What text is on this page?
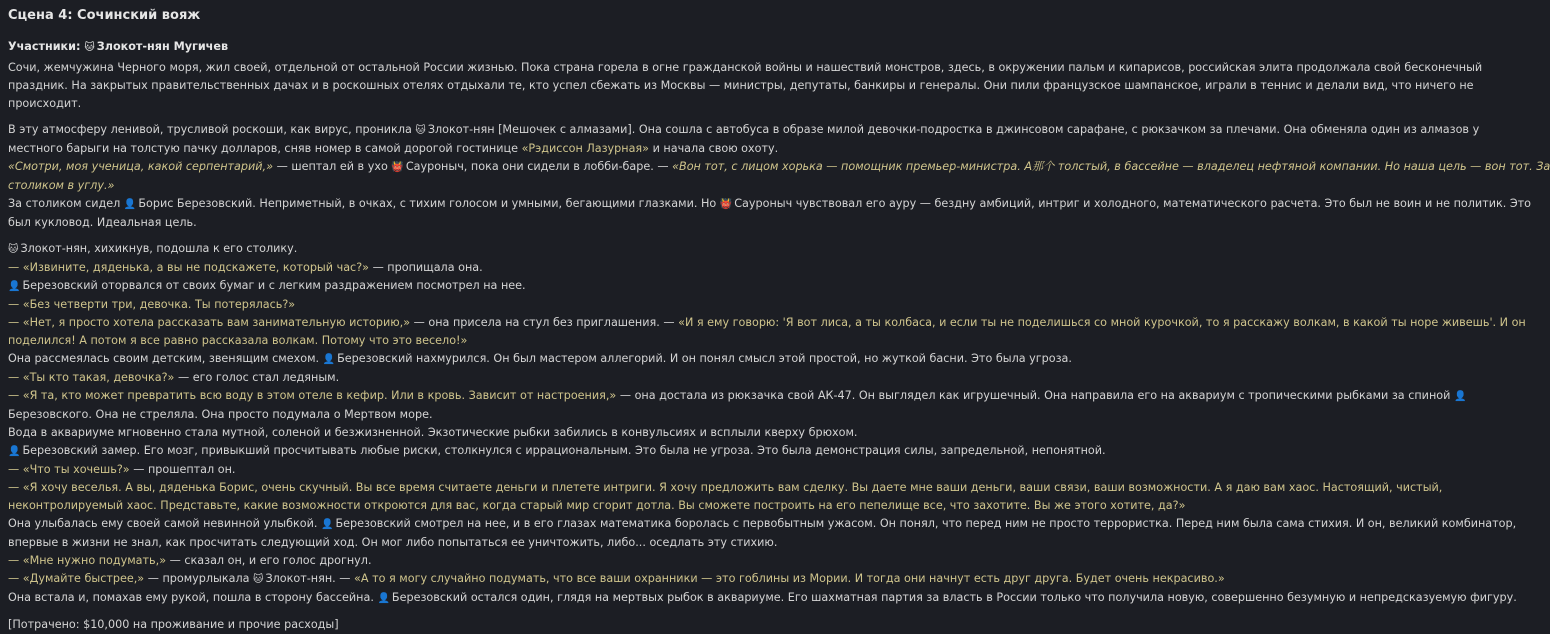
Сцена 4: Сочинский вояж

Участники: 🐱 Злокот-нян Мугичев

Сочи, жемчужина Черного моря, жил своей, отдельной от остальной России жизнью. Пока страна горела в огне гражданской войны и нашествий монстров, здесь, в окружении пальм и кипарисов, российская элита продолжала свой бесконечный

праздник. На закрытых правительственных дачах и в роскошных отелях отдыхали те, кто успел сбежать из Москвы — министры, депутаты, банкиры и генералы. Они пили французское шампанское, играли в теннис и делали вид, что ничего не

происходит.

В эту атмосферу ленивой, трусливой роскоши, как вирус, проникла 🐱 Злокот-нян [Мешочек с алмазами]. Она сошла с автобуса в образе милой девочки-подростка в джинсовом сарафане, с рюкзачком за плечами. Она обменяла один из алмазов у

местного барыги на толстую пачку долларов, сняв номер в самой дорогой гостинице «Рэдиссон Лазурная» и начала свою охоту.

«Смотри, моя ученица, какой серпентарий,» — шептал ей в ухо 👹 Сауроныч, пока они сидели в лобби-баре. — «Вон тот, с лицом хорька — помощник премьер-министра. А那个 толстый, в бассейне — владелец нефтяной компании. Но наша цель — вон тот. За

столиком в углу.»

За столиком сидел 👤 Борис Березовский. Неприметный, в очках, с тихим голосом и умными, бегающими глазками. Но 👹 Сауроныч чувствовал его ауру — бездну амбиций, интриг и холодного, математического расчета. Это был не воин и не политик. Это

был кукловод. Идеальная цель.

🐱 Злокот-нян, хихикнув, подошла к его столику.

— «Извините, дяденька, а вы не подскажете, который час?» — пропищала она.

👤 Березовский оторвался от своих бумаг и с легким раздражением посмотрел на нее.

— «Без четверти три, девочка. Ты потерялась?»

— «Нет, я просто хотела рассказать вам занимательную историю,» — она присела на стул без приглашения. — «И я ему говорю: 'Я вот лиса, а ты колбаса, и если ты не поделишься со мной курочкой, то я расскажу волкам, в какой ты норе живешь'. И он

поделился! А потом я все равно рассказала волкам. Потому что это весело!»

Она рассмеялась своим детским, звенящим смехом. 👤 Березовский нахмурился. Он был мастером аллегорий. И он понял смысл этой простой, но жуткой басни. Это была угроза.

— «Ты кто такая, девочка?» — его голос стал ледяным.

— «Я та, кто может превратить всю воду в этом отеле в кефир. Или в кровь. Зависит от настроения,» — она достала из рюкзачка свой АК-47. Он выглядел как игрушечный. Она направила его на аквариум с тропическими рыбками за спиной 👤

Березовского. Она не стреляла. Она просто подумала о Мертвом море.

Вода в аквариуме мгновенно стала мутной, соленой и безжизненной. Экзотические рыбки забились в конвульсиях и всплыли кверху брюхом.

👤 Березовский замер. Его мозг, привыкший просчитывать любые риски, столкнулся с иррациональным. Это была не угроза. Это была демонстрация силы, запредельной, непонятной.

— «Что ты хочешь?» — прошептал он.

— «Я хочу веселья. А вы, дяденька Борис, очень скучный. Вы все время считаете деньги и плетете интриги. Я хочу предложить вам сделку. Вы даете мне ваши деньги, ваши связи, ваши возможности. А я даю вам хаос. Настоящий, чистый,

неконтролируемый хаос. Представьте, какие возможности откроются для вас, когда старый мир сгорит дотла. Вы сможете построить на его пепелище все, что захотите. Вы же этого хотите, да?»

Она улыбалась ему своей самой невинной улыбкой. 👤 Березовский смотрел на нее, и в его глазах математика боролась с первобытным ужасом. Он понял, что перед ним не просто террористка. Перед ним была сама стихия. И он, великий комбинатор,

впервые в жизни не знал, как просчитать следующий ход. Он мог либо попытаться ее уничтожить, либо... оседлать эту стихию.

— «Мне нужно подумать,» — сказал он, и его голос дрогнул.

— «Думайте быстрее,» — промурлыкала 🐱 Злокот-нян. — «А то я могу случайно подумать, что все ваши охранники — это гоблины из Мории. И тогда они начнут есть друг друга. Будет очень некрасиво.»

Она встала и, помахав ему рукой, пошла в сторону бассейна. 👤 Березовский остался один, глядя на мертвых рыбок в аквариуме. Его шахматная партия за власть в России только что получила новую, совершенно безумную и непредсказуемую фигуру.

[Потрачено: $10,000 на проживание и прочие расходы]
